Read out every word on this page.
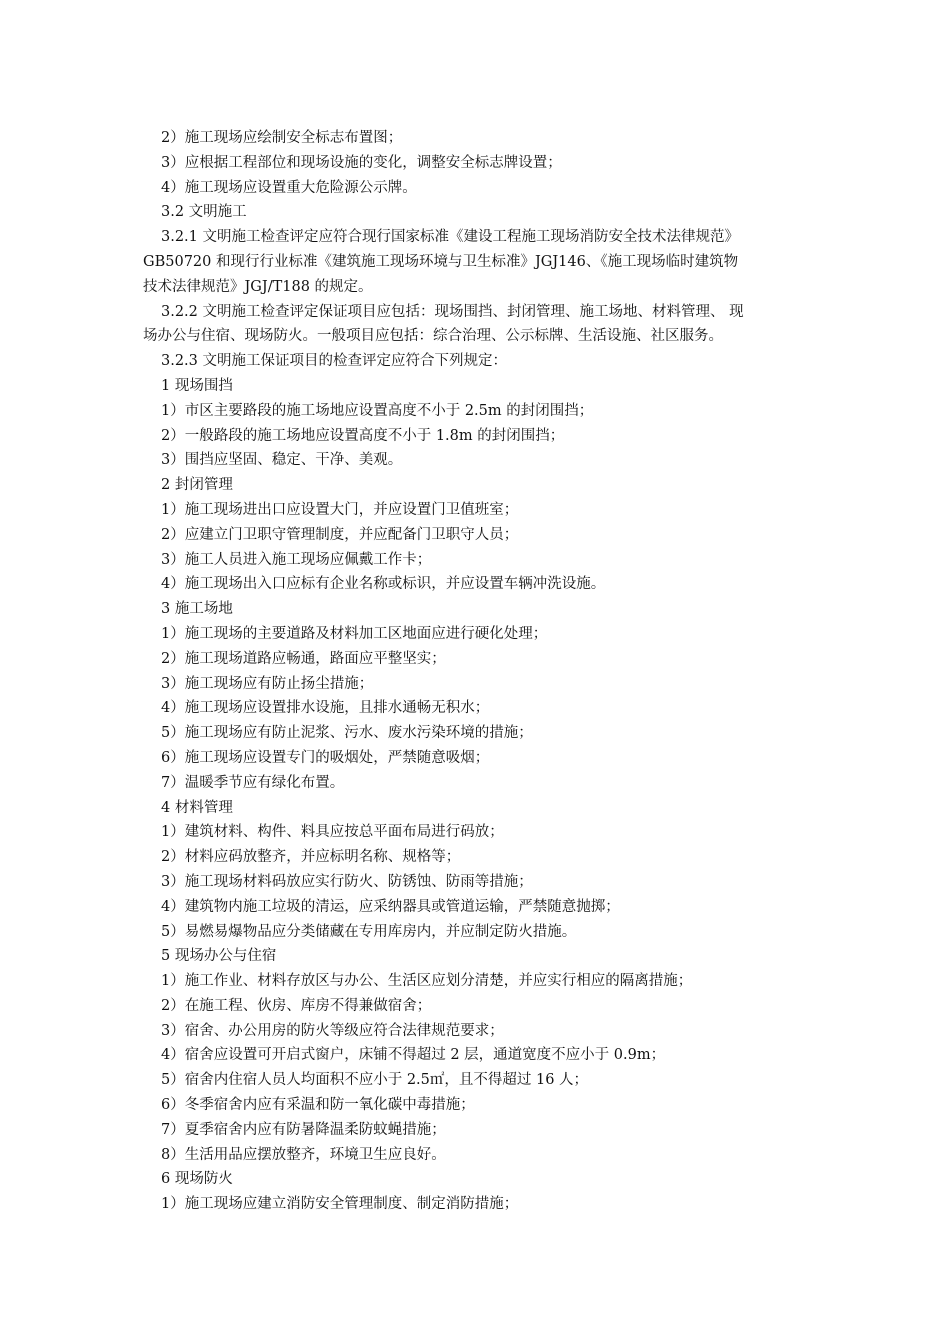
2）施工现场应绘制安全标志布置图；
3）应根据工程部位和现场设施的变化，调整安全标志牌设置；
4）施工现场应设置重大危险源公示牌。
3.2 文明施工
3.2.1 文明施工检查评定应符合现行国家标准《建设工程施工现场消防安全技术法律规范》
GB50720 和现行行业标准《建筑施工现场环境与卫生标准》JGJ146、《施工现场临时建筑物
技术法律规范》JGJ/T188 的规定。
3.2.2 文明施工检查评定保证项目应包括：现场围挡、封闭管理、施工场地、材料管理、 现
场办公与住宿、现场防火。一般项目应包括：综合治理、公示标牌、生活设施、社区服务。
3.2.3 文明施工保证项目的检查评定应符合下列规定：
1 现场围挡
1）市区主要路段的施工场地应设置高度不小于 2.5m 的封闭围挡；
2）一般路段的施工场地应设置高度不小于 1.8m 的封闭围挡；
3）围挡应坚固、稳定、干净、美观。
2 封闭管理
1）施工现场进出口应设置大门，并应设置门卫值班室；
2）应建立门卫职守管理制度，并应配备门卫职守人员；
3）施工人员进入施工现场应佩戴工作卡；
4）施工现场出入口应标有企业名称或标识，并应设置车辆冲洗设施。
3 施工场地
1）施工现场的主要道路及材料加工区地面应进行硬化处理；
2）施工现场道路应畅通，路面应平整坚实；
3）施工现场应有防止扬尘措施；
4）施工现场应设置排水设施，且排水通畅无积水；
5）施工现场应有防止泥浆、污水、废水污染环境的措施；
6）施工现场应设置专门的吸烟处，严禁随意吸烟；
7）温暖季节应有绿化布置。
4 材料管理
1）建筑材料、构件、料具应按总平面布局进行码放；
2）材料应码放整齐，并应标明名称、规格等；
3）施工现场材料码放应实行防火、防锈蚀、防雨等措施；
4）建筑物内施工垃圾的清运，应采纳器具或管道运输，严禁随意抛掷；
5）易燃易爆物品应分类储藏在专用库房内，并应制定防火措施。
5 现场办公与住宿
1）施工作业、材料存放区与办公、生活区应划分清楚，并应实行相应的隔离措施；
2）在施工程、伙房、库房不得兼做宿舍；
3）宿舍、办公用房的防火等级应符合法律规范要求；
4）宿舍应设置可开启式窗户，床铺不得超过 2 层，通道宽度不应小于 0.9m；
5）宿舍内住宿人员人均面积不应小于 2.5㎡，且不得超过 16 人；
6）冬季宿舍内应有采温和防一氧化碳中毒措施；
7）夏季宿舍内应有防暑降温柔防蚊蝇措施；
8）生活用品应摆放整齐，环境卫生应良好。
6 现场防火
1）施工现场应建立消防安全管理制度、制定消防措施；
